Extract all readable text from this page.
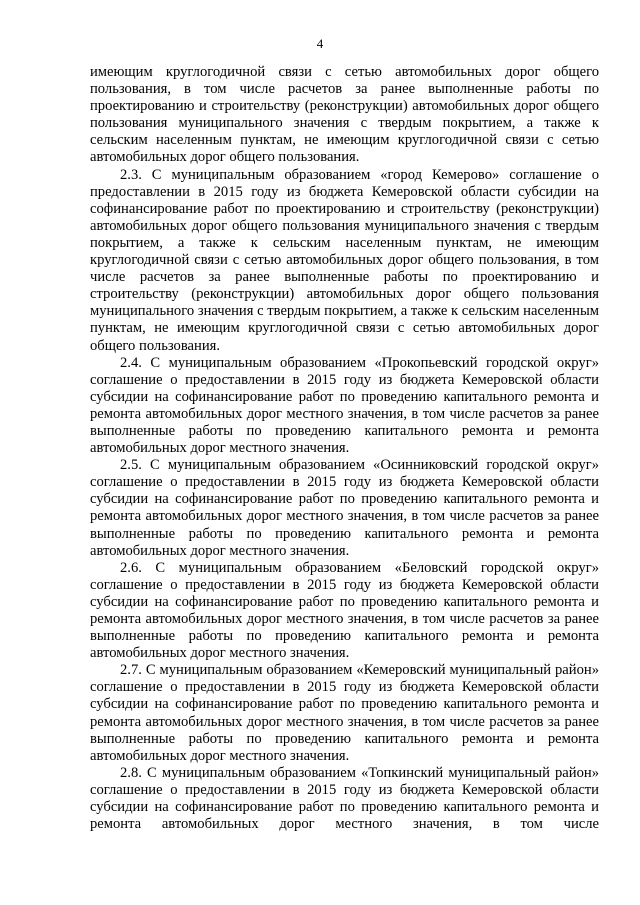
4

имеющим круглогодичной связи с сетью автомобильных дорог общего пользования, в том числе расчетов за ранее выполненные работы по проектированию и строительству (реконструкции) автомобильных дорог общего пользования муниципального значения с твердым покрытием, а также к сельским населенным пунктам, не имеющим круглогодичной связи с сетью автомобильных дорог общего пользования.

2.3. С муниципальным образованием «город Кемерово» соглашение о предоставлении в 2015 году из бюджета Кемеровской области субсидии на софинансирование работ по проектированию и строительству (реконструкции) автомобильных дорог общего пользования муниципального значения с твердым покрытием, а также к сельским населенным пунктам, не имеющим круглогодичной связи с сетью автомобильных дорог общего пользования, в том числе расчетов за ранее выполненные работы по проектированию и строительству (реконструкции) автомобильных дорог общего пользования муниципального значения с твердым покрытием, а также к сельским населенным пунктам, не имеющим круглогодичной связи с сетью автомобильных дорог общего пользования.

2.4. С муниципальным образованием «Прокопьевский городской округ» соглашение о предоставлении в 2015 году из бюджета Кемеровской области субсидии на софинансирование работ по проведению капитального ремонта и ремонта автомобильных дорог местного значения, в том числе расчетов за ранее выполненные работы по проведению капитального ремонта и ремонта автомобильных дорог местного значения.

2.5. С муниципальным образованием «Осинниковский городской округ» соглашение о предоставлении в 2015 году из бюджета Кемеровской области субсидии на софинансирование работ по проведению капитального ремонта и ремонта автомобильных дорог местного значения, в том числе расчетов за ранее выполненные работы по проведению капитального ремонта и ремонта автомобильных дорог местного значения.

2.6. С муниципальным образованием «Беловский городской округ» соглашение о предоставлении в 2015 году из бюджета Кемеровской области субсидии на софинансирование работ по проведению капитального ремонта и ремонта автомобильных дорог местного значения, в том числе расчетов за ранее выполненные работы по проведению капитального ремонта и ремонта автомобильных дорог местного значения.

2.7. С муниципальным образованием «Кемеровский муниципальный район» соглашение о предоставлении в 2015 году из бюджета Кемеровской области субсидии на софинансирование работ по проведению капитального ремонта и ремонта автомобильных дорог местного значения, в том числе расчетов за ранее выполненные работы по проведению капитального ремонта и ремонта автомобильных дорог местного значения.

2.8. С муниципальным образованием «Топкинский муниципальный район» соглашение о предоставлении в 2015 году из бюджета Кемеровской области субсидии на софинансирование работ по проведению капитального ремонта и ремонта автомобильных дорог местного значения, в том числе
